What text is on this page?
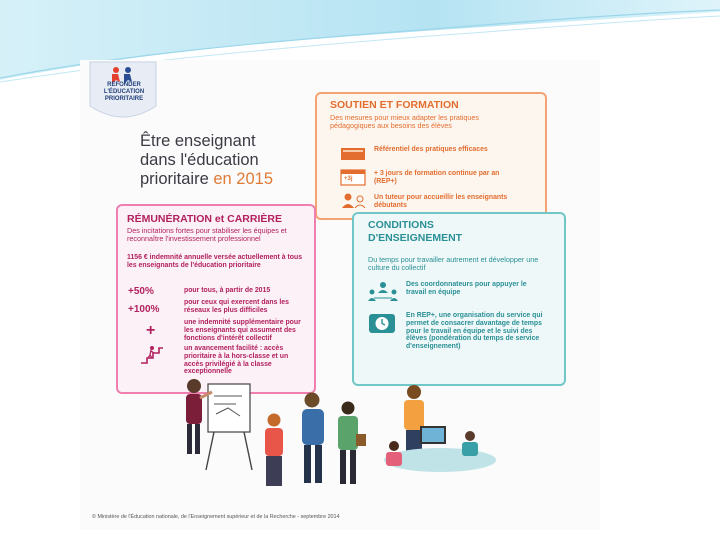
REFONDER
L'ÉDUCATION
PRIORITAIRE
Être enseignant
dans l'éducation
prioritaire en 2015
SOUTIEN ET FORMATION
Des mesures pour mieux adapter les pratiques pédagogiques aux besoins des élèves
Référentiel des pratiques efficaces
+3j
+ 3 jours de formation continue par an (REP+)
Un tuteur pour accueillir les enseignants débutants
RÉMUNÉRATION et CARRIÈRE
Des incitations fortes pour stabiliser les équipes et reconnaître l'investissement professionnel
1156 € indemnité annuelle versée actuellement à tous les enseignants de l'éducation prioritaire
+50%	pour tous, à partir de 2015
+100%
pour ceux qui exercent dans les réseaux les plus difficiles
+	une indemnité supplémentaire pour les enseignants qui assument des fonctions d'intérêt collectif
un avancement facilité : accès prioritaire à la hors-classe et un accès privilégié à la classe exceptionnelle
CONDITIONS
D'ENSEIGNEMENT
Du temps pour travailler autrement et développer une culture du collectif
Des coordonnateurs pour appuyer le travail en équipe
En REP+, une organisation du service qui permet de consacrer davantage de temps pour le travail en équipe et le suivi des élèves (pondération du temps de service d'enseignement)
© Ministère de l'Éducation nationale, de l'Enseignement supérieur et de la Recherche - septembre 2014
